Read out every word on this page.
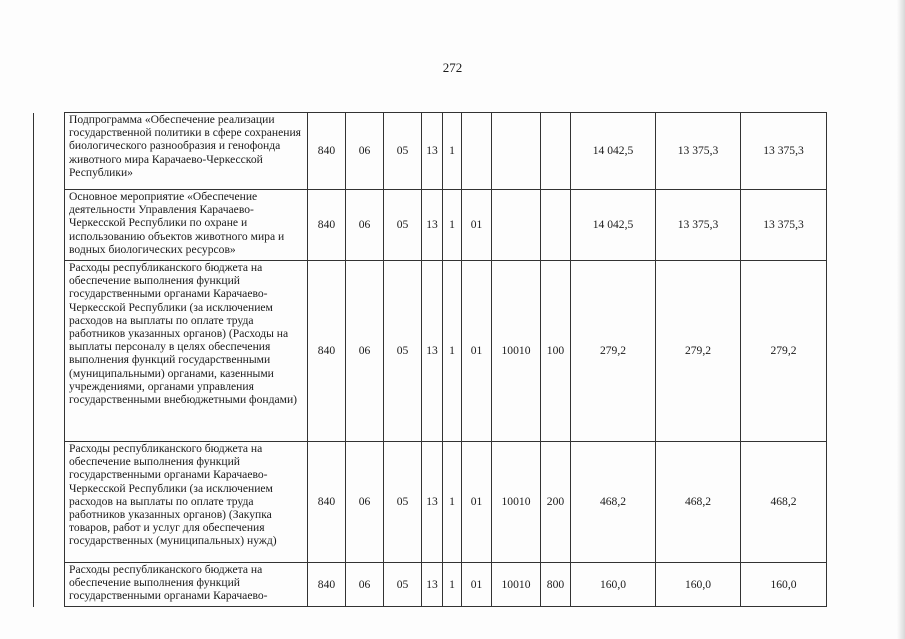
272
	Подпрограмма «Обеспечение реализации государственной политики в сфере сохранения биологического разнообразия и генофонда животного мира Карачаево-Черкесской Республики»	840	06	05	13	1				14 042,5	13 375,3	13 375,3
	Основное мероприятие «Обеспечение деятельности Управления Карачаево-Черкесской Республики по охране и использованию объектов животного мира и водных биологических ресурсов»	840	06	05	13	1	01			14 042,5	13 375,3	13 375,3
	Расходы республиканского бюджета на обеспечение выполнения функций государственными органами Карачаево-Черкесской Республики (за исключением расходов на выплаты по оплате труда работников указанных органов) (Расходы на выплаты персоналу в целях обеспечения выполнения функций государственными (муниципальными) органами, казенными учреждениями, органами управления государственными внебюджетными фондами)	840	06	05	13	1	01	10010	100	279,2	279,2	279,2
	Расходы республиканского бюджета на обеспечение выполнения функций государственными органами Карачаево-Черкесской Республики (за исключением расходов на выплаты по оплате труда работников указанных органов) (Закупка товаров, работ и услуг для обеспечения государственных (муниципальных) нужд)	840	06	05	13	1	01	10010	200	468,2	468,2	468,2
	Расходы республиканского бюджета на обеспечение выполнения функций государственными органами Карачаево-	840	06	05	13	1	01	10010	800	160,0	160,0	160,0
